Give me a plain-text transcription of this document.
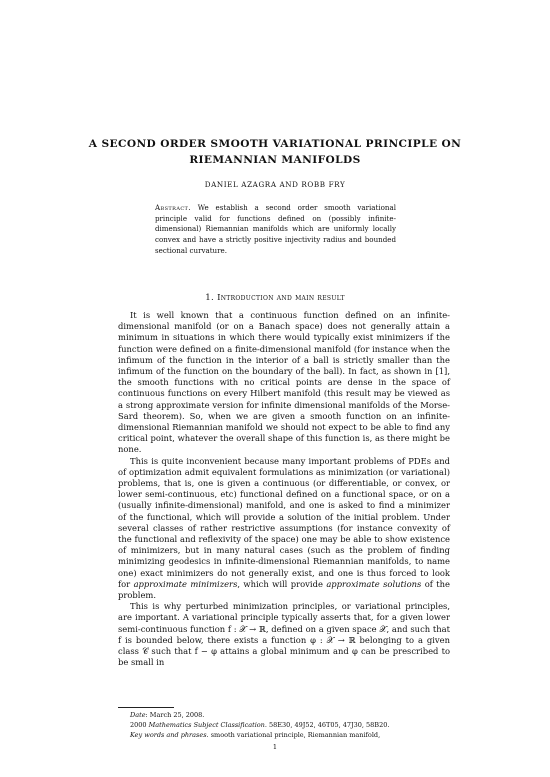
A SECOND ORDER SMOOTH VARIATIONAL PRINCIPLE ON
RIEMANNIAN MANIFOLDS
DANIEL AZAGRA AND ROBB FRY
Abstract. We establish a second order smooth variational principle valid for functions defined on (possibly infinite-dimensional) Riemannian manifolds which are uniformly locally convex and have a strictly positive injectivity radius and bounded sectional curvature.
1. Introduction and main result

It is well known that a continuous function defined on an infinite-dimensional manifold (or on a Banach space) does not generally attain a minimum in situations in which there would typically exist minimizers if the function were defined on a finite-dimensional manifold (for instance when the infimum of the function in the interior of a ball is strictly smaller than the infimum of the function on the boundary of the ball). In fact, as shown in [1], the smooth functions with no critical points are dense in the space of continuous functions on every Hilbert manifold (this result may be viewed as a strong approximate version for infinite dimensional manifolds of the Morse-Sard theorem). So, when we are given a smooth function on an infinite-dimensional Riemannian manifold we should not expect to be able to find any critical point, whatever the overall shape of this function is, as there might be none.

This is quite inconvenient because many important problems of PDEs and of optimization admit equivalent formulations as minimization (or variational) problems, that is, one is given a continuous (or differentiable, or convex, or lower semi-continuous, etc) functional defined on a functional space, or on a (usually infinite-dimensional) manifold, and one is asked to find a minimizer of the functional, which will provide a solution of the initial problem. Under several classes of rather restrictive assumptions (for instance convexity of the functional and reflexivity of the space) one may be able to show existence of minimizers, but in many natural cases (such as the problem of finding minimizing geodesics in infinite-dimensional Riemannian manifolds, to name one) exact minimizers do not generally exist, and one is thus forced to look for approximate minimizers, which will provide approximate solutions of the problem.

This is why perturbed minimization principles, or variational principles, are important. A variational principle typically asserts that, for a given lower semi-continuous function f : 𝒳 → ℝ, defined on a given space 𝒳, and such that f is bounded below, there exists a function φ : 𝒳 → ℝ belonging to a given class 𝒞 such that f − φ attains a global minimum and φ can be prescribed to be small in

Date: March 25, 2008.
2000 Mathematics Subject Classification. 58E30, 49J52, 46T05, 47J30, 58B20.
Key words and phrases. smooth variational principle, Riemannian manifold,
1
